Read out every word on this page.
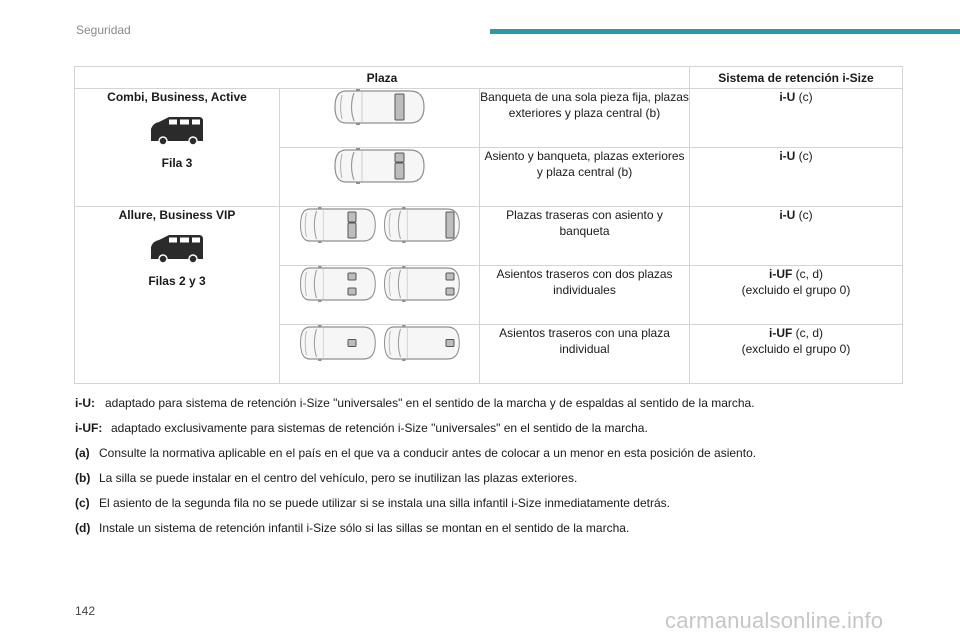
Seguridad
Plaza			Sistema de retención i-Size

Combi, Business, Active
Fila 3		Banqueta de una sola pieza fija, plazas exteriores y plaza central (b)	i-U (c)

	Asiento y banqueta, plazas exteriores y plaza central (b)	i-U (c)

Allure, Business VIP
Filas 2 y 3		Plazas traseras con asiento y banqueta	i-U (c)

	Asientos traseros con dos plazas individuales	i-UF (c, d)
(excluido el grupo 0)

	Asientos traseros con una plaza individual	i-UF (c, d)
(excluido el grupo 0)
i-U: adaptado para sistema de retención i-Size "universales" en el sentido de la marcha y de espaldas al sentido de la marcha.
i-UF: adaptado exclusivamente para sistemas de retención i-Size "universales" en el sentido de la marcha.
(a) Consulte la normativa aplicable en el país en el que va a conducir antes de colocar a un menor en esta posición de asiento.
(b) La silla se puede instalar en el centro del vehículo, pero se inutilizan las plazas exteriores.
(c) El asiento de la segunda fila no se puede utilizar si se instala una silla infantil i-Size inmediatamente detrás.
(d) Instale un sistema de retención infantil i-Size sólo si las sillas se montan en el sentido de la marcha.
142	carmanualsonline.info
